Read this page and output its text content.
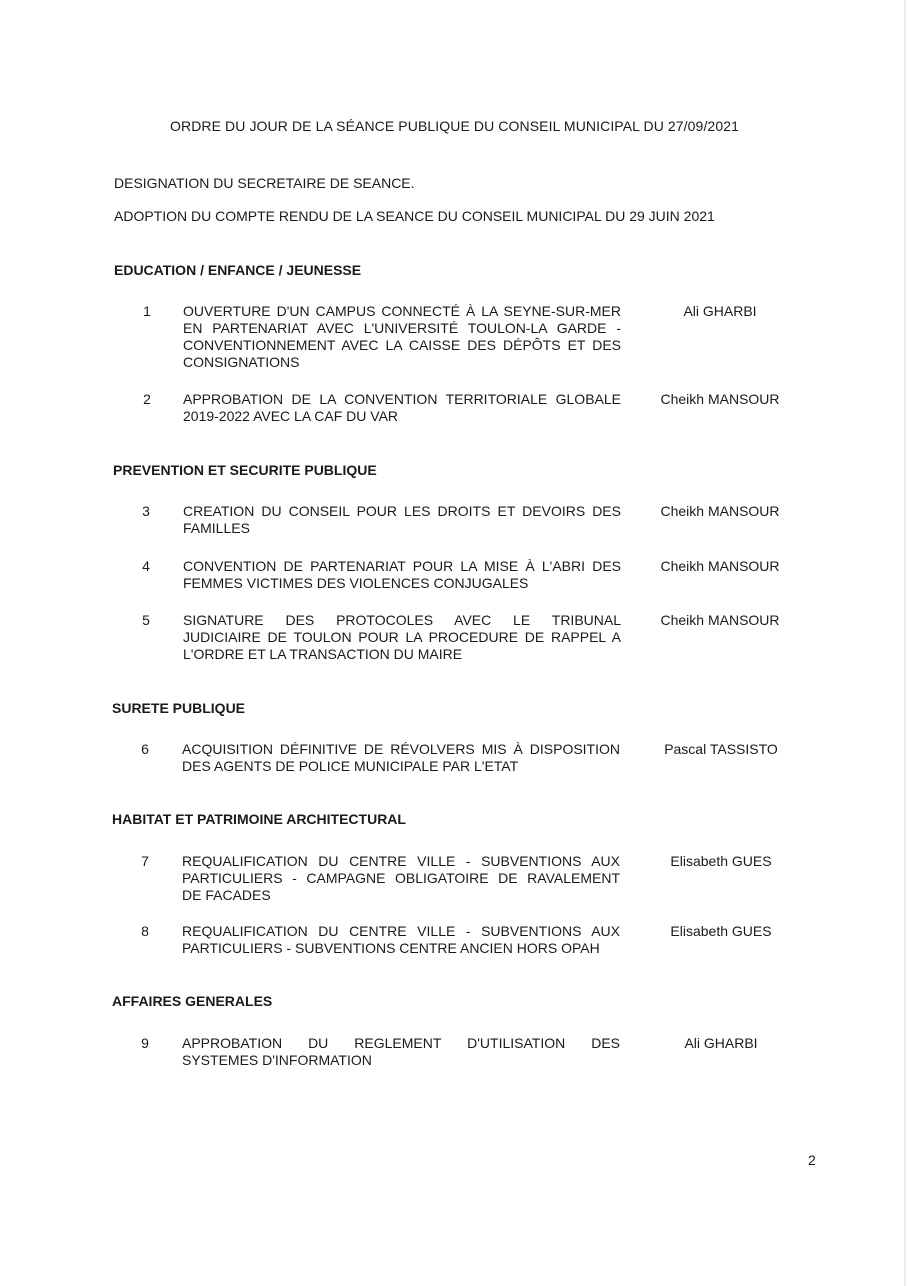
ORDRE DU JOUR DE LA SÉANCE PUBLIQUE DU CONSEIL MUNICIPAL DU 27/09/2021
DESIGNATION DU SECRETAIRE DE SEANCE.
ADOPTION DU COMPTE RENDU DE LA SEANCE DU CONSEIL MUNICIPAL DU 29 JUIN 2021
EDUCATION / ENFANCE / JEUNESSE
1	OUVERTURE D'UN CAMPUS CONNECTÉ À LA SEYNE-SUR-MER
EN PARTENARIAT AVEC L'UNIVERSITÉ TOULON-LA GARDE -
CONVENTIONNEMENT AVEC LA CAISSE DES DÉPÔTS ET DES
CONSIGNATIONS
Ali GHARBI
2	APPROBATION DE LA CONVENTION TERRITORIALE GLOBALE
2019-2022 AVEC LA CAF DU VAR
Cheikh MANSOUR
PREVENTION ET SECURITE PUBLIQUE
3	CREATION DU CONSEIL POUR LES DROITS ET DEVOIRS DES
FAMILLES
Cheikh MANSOUR
4	CONVENTION DE PARTENARIAT POUR LA MISE À L'ABRI DES
FEMMES VICTIMES DES VIOLENCES CONJUGALES
Cheikh MANSOUR
5	SIGNATURE DES PROTOCOLES AVEC LE TRIBUNAL
JUDICIAIRE DE TOULON POUR LA PROCEDURE DE RAPPEL A
L'ORDRE ET LA TRANSACTION DU MAIRE
Cheikh MANSOUR
SURETE PUBLIQUE
6	ACQUISITION DÉFINITIVE DE RÉVOLVERS MIS À DISPOSITION
DES AGENTS DE POLICE MUNICIPALE PAR L'ETAT
Pascal TASSISTO
HABITAT ET PATRIMOINE ARCHITECTURAL
7	REQUALIFICATION DU CENTRE VILLE - SUBVENTIONS AUX
PARTICULIERS - CAMPAGNE OBLIGATOIRE DE RAVALEMENT
DE FACADES
Elisabeth GUES
8	REQUALIFICATION DU CENTRE VILLE - SUBVENTIONS AUX
PARTICULIERS - SUBVENTIONS CENTRE ANCIEN HORS OPAH
Elisabeth GUES
AFFAIRES GENERALES
9	APPROBATION DU REGLEMENT D'UTILISATION DES
SYSTEMES D'INFORMATION
Ali GHARBI
2
